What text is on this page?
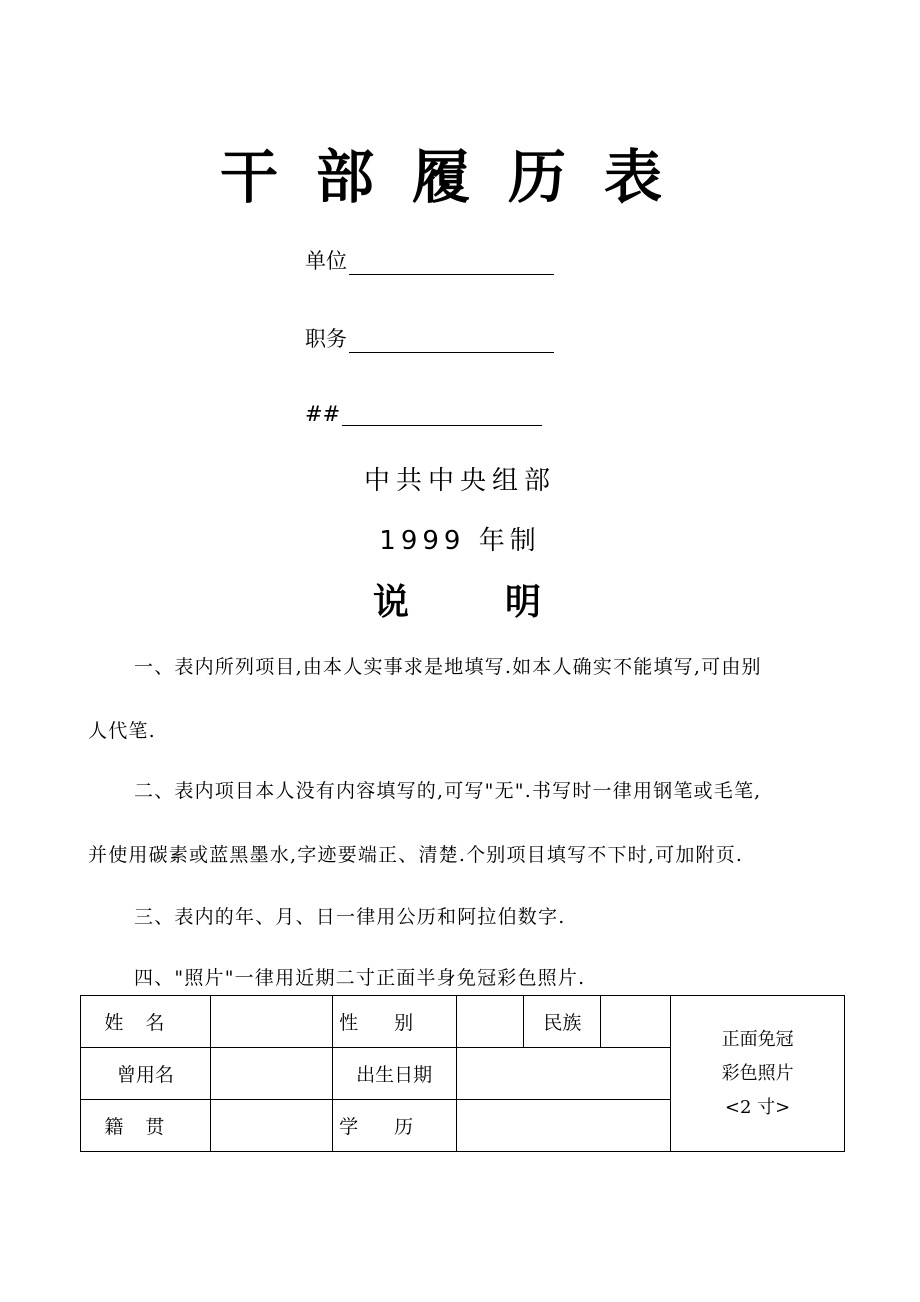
干部履历表
单位
职务
##
中共中央组部
1999 年制
说	明
一、表内所列项目,由本人实事求是地填写.如本人确实不能填写,可由别
人代笔.
二、表内项目本人没有内容填写的,可写"无".书写时一律用钢笔或毛笔,
并使用碳素或蓝黑墨水,字迹要端正、清楚.个别项目填写不下时,可加附页.
三、表内的年、月、日一律用公历和阿拉伯数字.
四、"照片"一律用近期二寸正面半身免冠彩色照片.
姓名		性别		民族		正面免冠
彩色照片
<2 寸>

曾用名		出生日期				
籍贯		学历				
